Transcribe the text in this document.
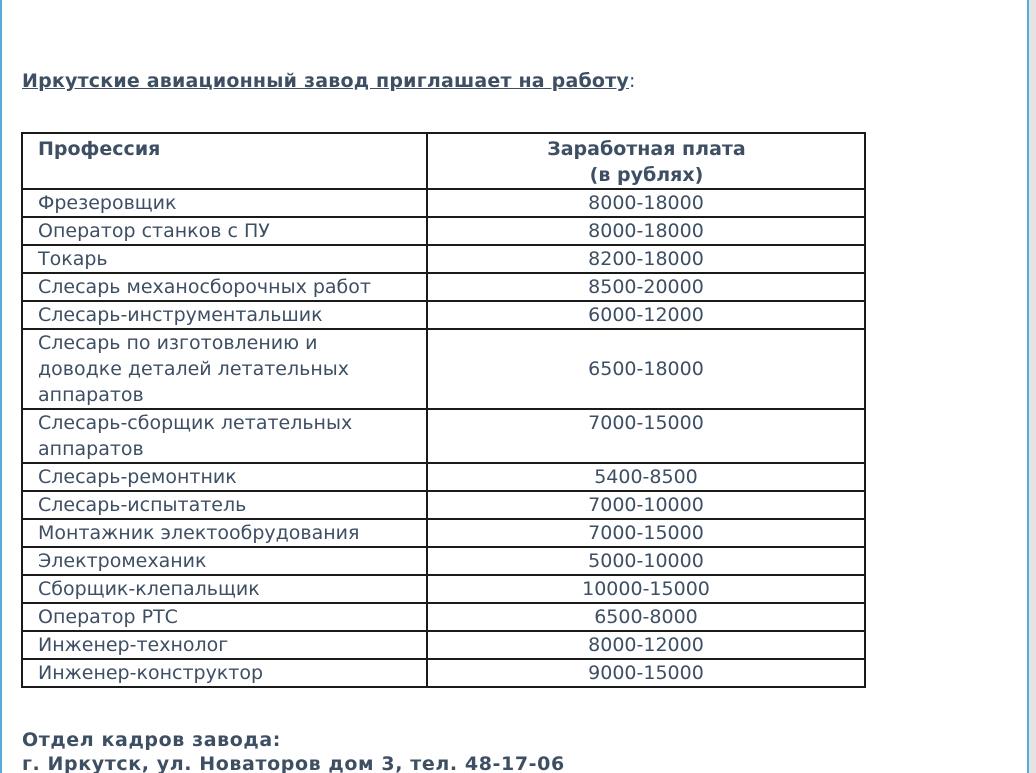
Иркутские авиационный завод приглашает на работу:
Профессия	Заработная плата
(в рублях)

Фрезеровщик	8000-18000

Оператор станков с ПУ	8000-18000

Токарь	8200-18000

Слесарь механосборочных работ	8500-20000

Слесарь-инструментальшик	6000-12000

Слесарь по изготовлению и
доводке деталей летательных
аппаратов	6500-18000

Слесарь-сборщик летательных
аппаратов	7000-15000

Слесарь-ремонтник	5400-8500

Слесарь-испытатель	7000-10000

Монтажник электообрудования	7000-15000

Электромеханик	5000-10000

Сборщик-клепальщик	10000-15000

Оператор РТС	6500-8000

Инженер-технолог	8000-12000

Инженер-конструктор	9000-15000
Отдел кадров завода:
г. Иркутск, ул. Новаторов дом 3, тел. 48-17-06
